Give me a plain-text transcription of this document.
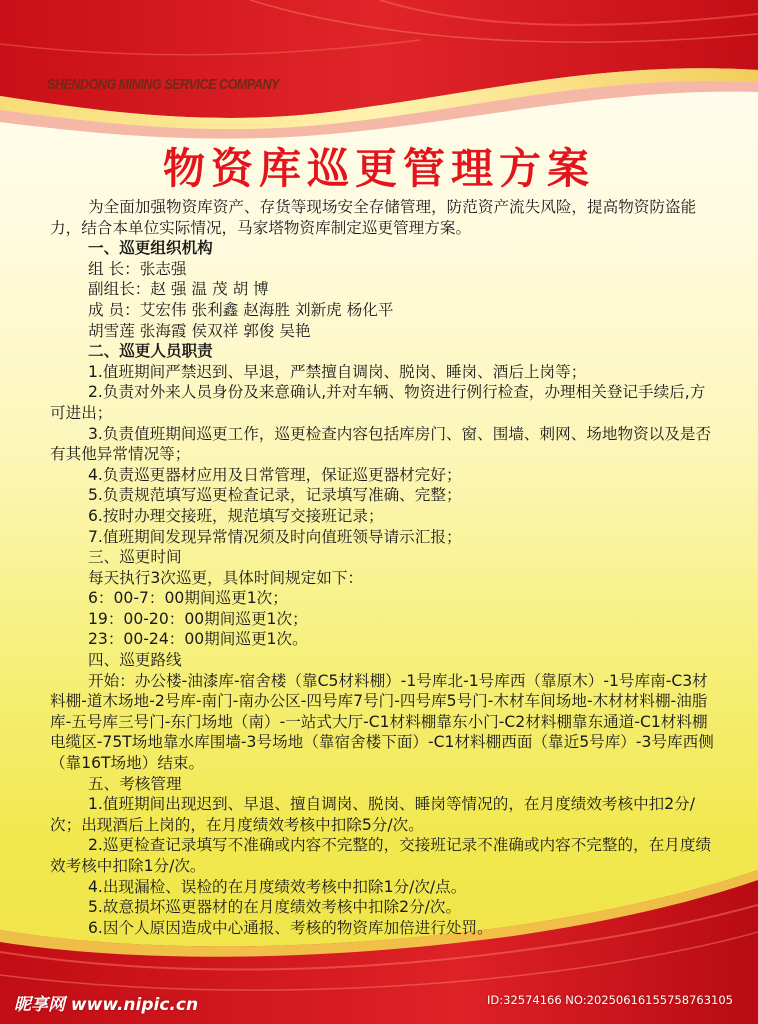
SHENDONG MINING SERVICE COMPANY
物资库巡更管理方案

为全面加强物资库资产、存货等现场安全存储管理，防范资产流失风险，提高物资防盗能力，结合本单位实际情况，马家塔物资库制定巡更管理方案。

一、巡更组织机构

组 长：张志强

副组长：赵 强 温 茂 胡 博

成 员：艾宏伟 张利鑫 赵海胜 刘新虎 杨化平

胡雪莲 张海霞 侯双祥 郭俊 吴艳

二、巡更人员职责

1.值班期间严禁迟到、早退，严禁擅自调岗、脱岗、睡岗、酒后上岗等；

2.负责对外来人员身份及来意确认,并对车辆、物资进行例行检查，办理相关登记手续后,方可进出；

3.负责值班期间巡更工作，巡更检查内容包括库房门、窗、围墙、刺网、场地物资以及是否有其他异常情况等；

4.负责巡更器材应用及日常管理，保证巡更器材完好；

5.负责规范填写巡更检查记录，记录填写准确、完整；

6.按时办理交接班，规范填写交接班记录；

7.值班期间发现异常情况须及时向值班领导请示汇报；

三、巡更时间

每天执行3次巡更，具体时间规定如下：

6：00-7：00期间巡更1次；

19：00-20：00期间巡更1次；

23：00-24：00期间巡更1次。

四、巡更路线

开始：办公楼-油漆库-宿舍楼（靠C5材料棚）-1号库北-1号库西（靠原木）-1号库南-C3材料棚-道木场地-2号库-南门-南办公区-四号库7号门-四号库5号门-木材车间场地-木材材料棚-油脂库-五号库三号门-东门场地（南）-一站式大厅-C1材料棚靠东小门-C2材料棚靠东通道-C1材料棚电缆区-75T场地靠水库围墙-3号场地（靠宿舍楼下面）-C1材料棚西面（靠近5号库）-3号库西侧（靠16T场地）结束。

五、考核管理

1.值班期间出现迟到、早退、擅自调岗、脱岗、睡岗等情况的，在月度绩效考核中扣2分/次；出现酒后上岗的，在月度绩效考核中扣除5分/次。

2.巡更检查记录填写不准确或内容不完整的，交接班记录不准确或内容不完整的，在月度绩效考核中扣除1分/次。

4.出现漏检、误检的在月度绩效考核中扣除1分/次/点。

5.故意损坏巡更器材的在月度绩效考核中扣除2分/次。

6.因个人原因造成中心通报、考核的物资库加倍进行处罚。

昵享网 www.nipic.cn	ID:32574166 NO:20250616155758763105
